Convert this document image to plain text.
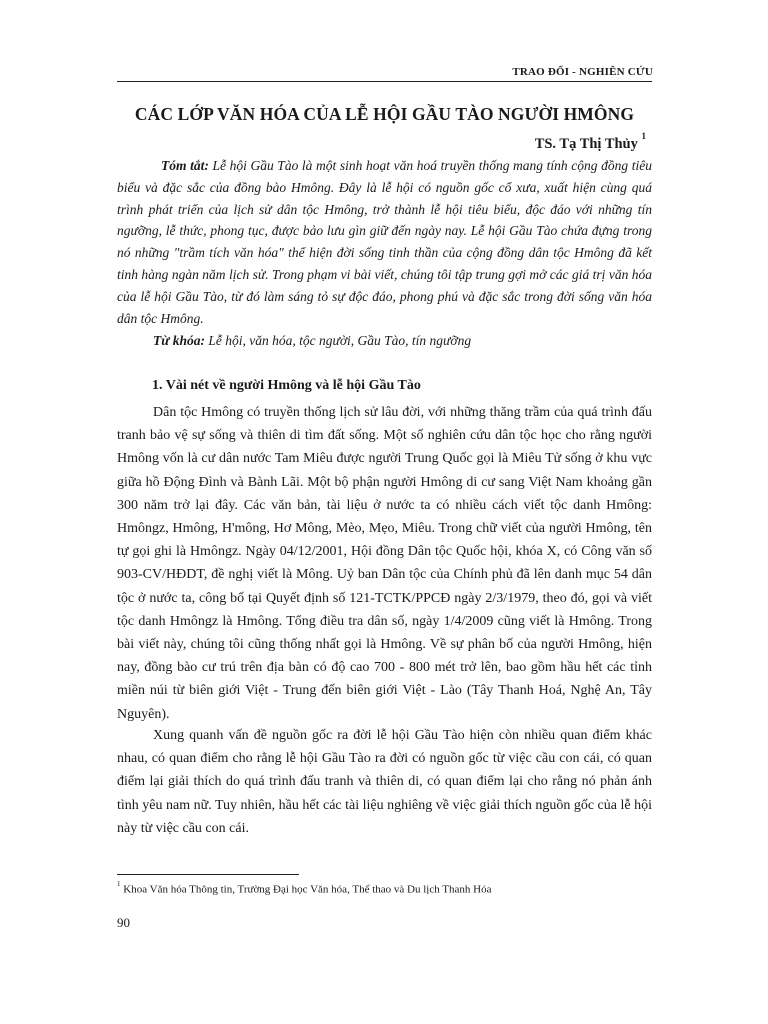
TRAO ĐỔI - NGHIÊN CỨU
CÁC LỚP VĂN HÓA CỦA LỄ HỘI GẦU TÀO NGƯỜI HMÔNG
TS. Tạ Thị Thủy $^1$

Tóm tắt: Lễ hội Gầu Tào là một sinh hoạt văn hoá truyền thống mang tính cộng đồng tiêu biểu và đặc sắc của đồng bào Hmông. Đây là lễ hội có nguồn gốc cổ xưa, xuất hiện cùng quá trình phát triển của lịch sử dân tộc Hmông, trở thành lễ hội tiêu biểu, độc đáo với những tín ngưỡng, lễ thức, phong tục, được bảo lưu gìn giữ đến ngày nay. Lễ hội Gầu Tào chứa đựng trong nó những "trầm tích văn hóa" thể hiện đời sống tinh thần của cộng đồng dân tộc Hmông đã kết tinh hàng ngàn năm lịch sử. Trong phạm vi bài viết, chúng tôi tập trung gợi mở các giá trị văn hóa của lễ hội Gầu Tào, từ đó làm sáng tỏ sự độc đáo, phong phú và đặc sắc trong đời sống văn hóa dân tộc Hmông.

Từ khóa: Lễ hội, văn hóa, tộc người, Gầu Tào, tín ngưỡng

1. Vài nét về người Hmông và lễ hội Gầu Tào

Dân tộc Hmông có truyền thống lịch sử lâu đời, với những thăng trầm của quá trình đấu tranh bảo vệ sự sống và thiên di tìm đất sống. Một số nghiên cứu dân tộc học cho rằng người Hmông vốn là cư dân nước Tam Miêu được người Trung Quốc gọi là Miêu Tử sống ở khu vực giữa hồ Động Đình và Bành Lãi. Một bộ phận người Hmông di cư sang Việt Nam khoảng gần 300 năm trở lại đây. Các văn bản, tài liệu ở nước ta có nhiều cách viết tộc danh Hmông: Hmôngz, Hmông, H'mông, Hơ Mông, Mèo, Mẹo, Miêu. Trong chữ viết của người Hmông, tên tự gọi ghi là Hmôngz. Ngày 04/12/2001, Hội đồng Dân tộc Quốc hội, khóa X, có Công văn số 903-CV/HĐDT, đề nghị viết là Mông. Uỷ ban Dân tộc của Chính phủ đã lên danh mục 54 dân tộc ở nước ta, công bố tại Quyết định số 121-TCTK/PPCĐ ngày 2/3/1979, theo đó, gọi và viết tộc danh Hmôngz là Hmông. Tổng điều tra dân số, ngày 1/4/2009 cũng viết là Hmông. Trong bài viết này, chúng tôi cũng thống nhất gọi là Hmông. Về sự phân bố của người Hmông, hiện nay, đồng bào cư trú trên địa bàn có độ cao 700 - 800 mét trở lên, bao gồm hầu hết các tỉnh miền núi từ biên giới Việt - Trung đến biên giới Việt - Lào (Tây Thanh Hoá, Nghệ An, Tây Nguyên).

Xung quanh vấn đề nguồn gốc ra đời lễ hội Gầu Tào hiện còn nhiều quan điểm khác nhau, có quan điểm cho rằng lễ hội Gầu Tào ra đời có nguồn gốc từ việc cầu con cái, có quan điểm lại giải thích do quá trình đấu tranh và thiên di, có quan điểm lại cho rằng nó phản ánh tình yêu nam nữ. Tuy nhiên, hầu hết các tài liệu nghiêng về việc giải thích nguồn gốc của lễ hội này từ việc cầu con cái.

$^1$ Khoa Văn hóa Thông tin, Trường Đại học Văn hóa, Thể thao và Du lịch Thanh Hóa
90
